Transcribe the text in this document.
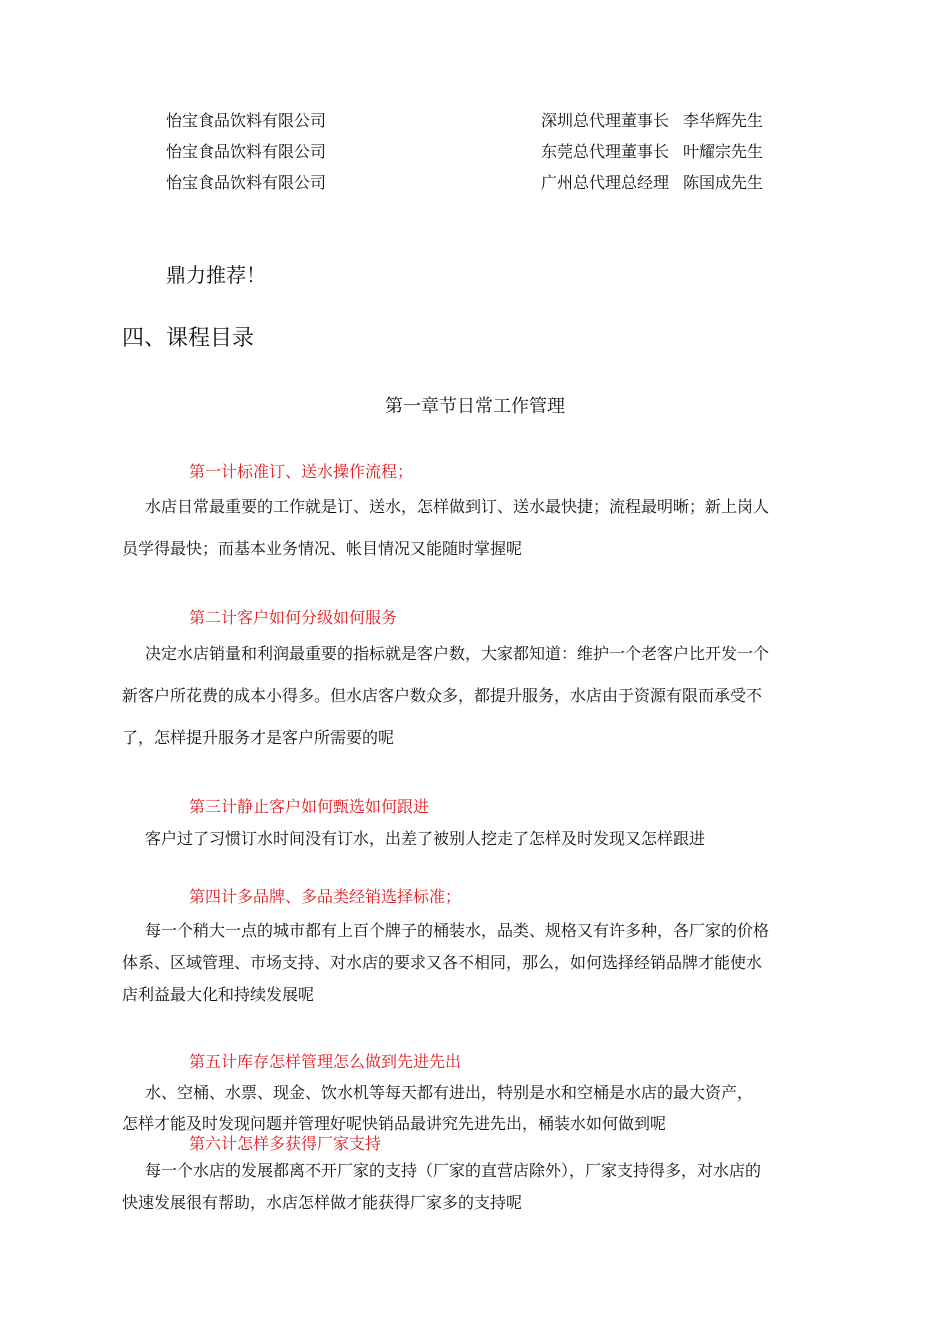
怡宝食品饮料有限公司	深圳总代理董事长 李华辉先生
怡宝食品饮料有限公司	东莞总代理董事长 叶耀宗先生
怡宝食品饮料有限公司	广州总代理总经理 陈国成先生
鼎力推荐！
四、课程目录
第一章节日常工作管理
第一计标准订、送水操作流程；
水店日常最重要的工作就是订、送水，怎样做到订、送水最快捷；流程最明晰；新上岗人
员学得最快；而基本业务情况、帐目情况又能随时掌握呢
第二计客户如何分级如何服务
决定水店销量和利润最重要的指标就是客户数，大家都知道：维护一个老客户比开发一个
新客户所花费的成本小得多。但水店客户数众多，都提升服务，水店由于资源有限而承受不
了，怎样提升服务才是客户所需要的呢
第三计静止客户如何甄选如何跟进
客户过了习惯订水时间没有订水，出差了被别人挖走了怎样及时发现又怎样跟进
第四计多品牌、多品类经销选择标准；
每一个稍大一点的城市都有上百个牌子的桶装水，品类、规格又有许多种，各厂家的价格
体系、区域管理、市场支持、对水店的要求又各不相同，那么，如何选择经销品牌才能使水
店利益最大化和持续发展呢
第五计库存怎样管理怎么做到先进先出
水、空桶、水票、现金、饮水机等每天都有进出，特别是水和空桶是水店的最大资产，
怎样才能及时发现问题并管理好呢快销品最讲究先进先出，桶装水如何做到呢
第六计怎样多获得厂家支持
每一个水店的发展都离不开厂家的支持（厂家的直营店除外），厂家支持得多，对水店的
快速发展很有帮助，水店怎样做才能获得厂家多的支持呢
